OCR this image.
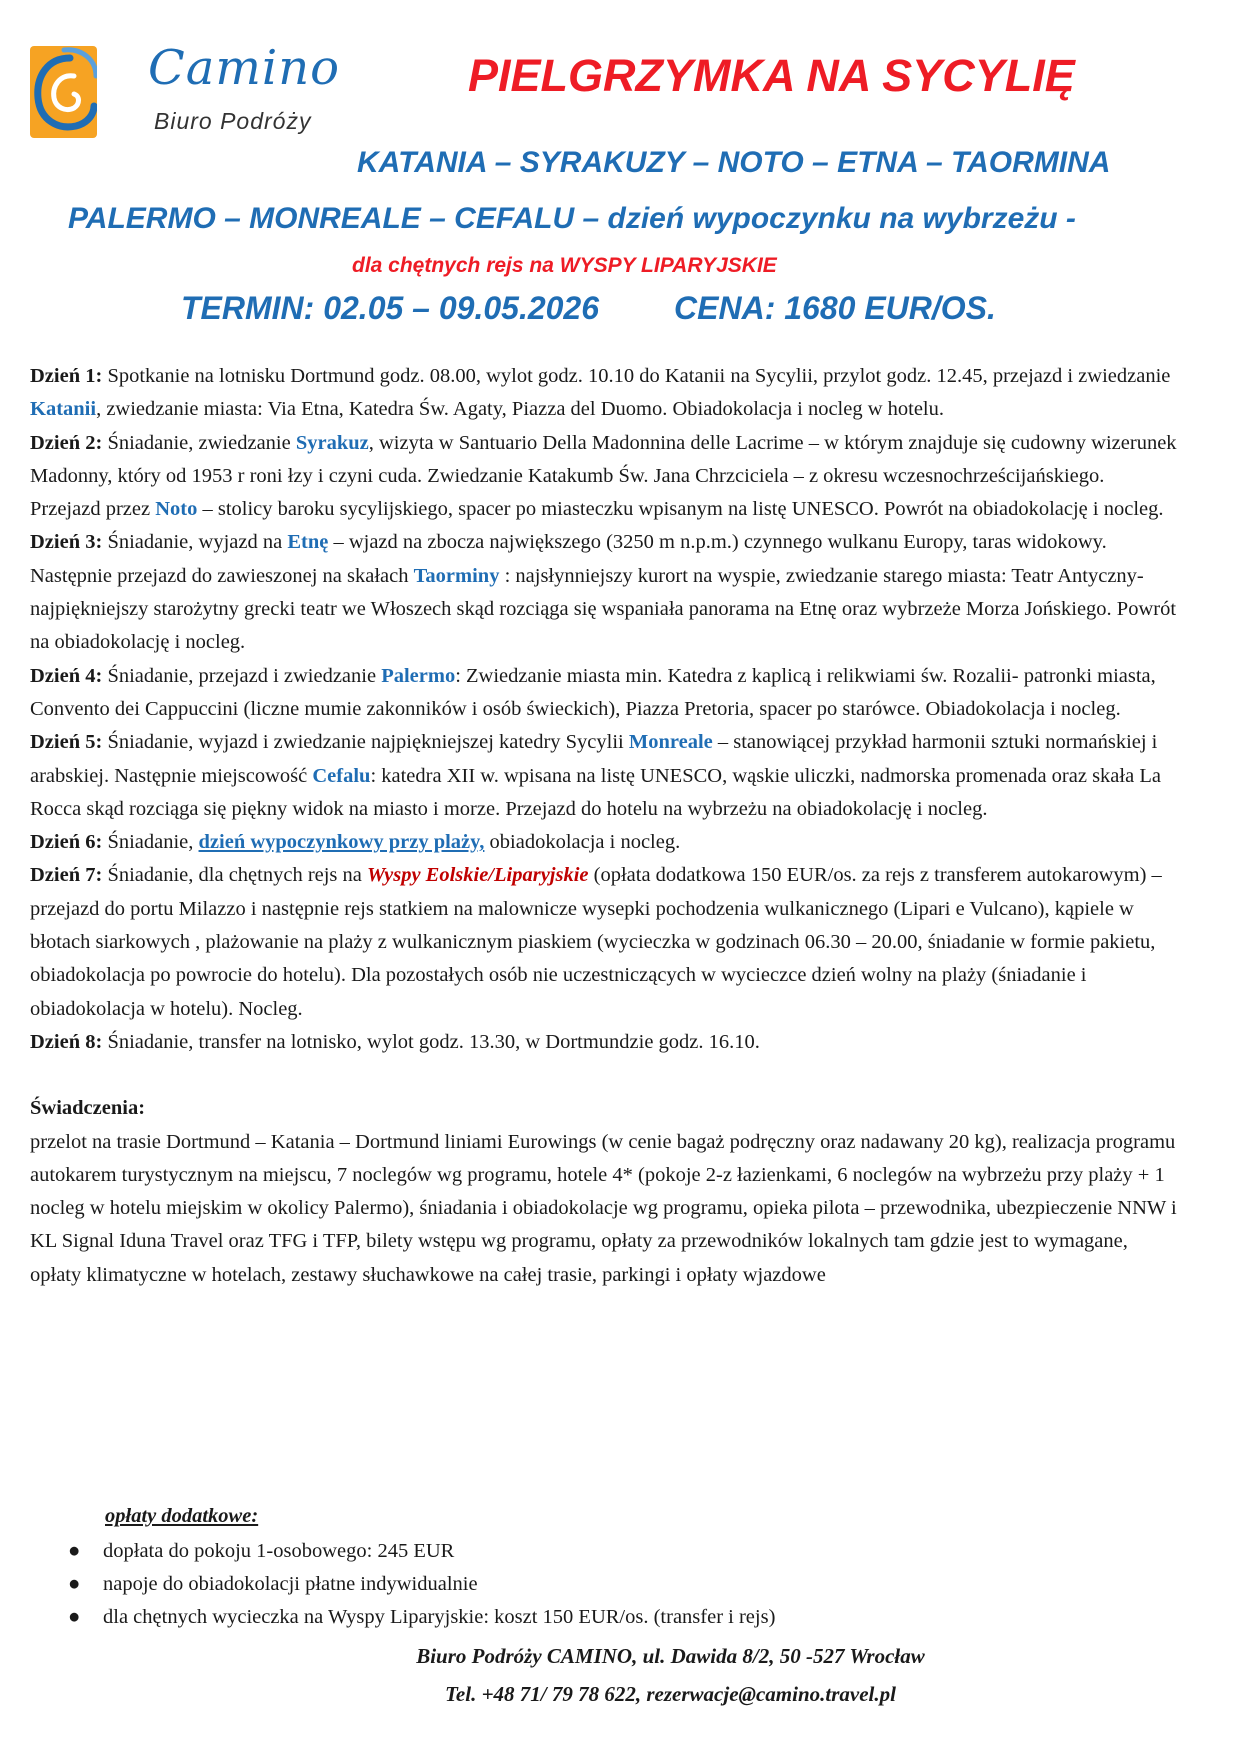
Camino
Biuro Podróży
PIELGRZYMKA NA SYCYLIĘ
KATANIA – SYRAKUZY – NOTO – ETNA – TAORMINA
PALERMO – MONREALE – CEFALU – dzień wypoczynku na wybrzeżu -
dla chętnych rejs na WYSPY LIPARYJSKIE
TERMIN: 02.05 – 09.05.2026 CENA: 1680 EUR/OS.

Dzień 1: Spotkanie na lotnisku Dortmund godz. 08.00, wylot godz. 10.10 do Katanii na Sycylii, przylot godz. 12.45, przejazd i zwiedzanie Katanii, zwiedzanie miasta: Via Etna, Katedra Św. Agaty, Piazza del Duomo. Obiadokolacja i nocleg w hotelu.

Dzień 2: Śniadanie, zwiedzanie Syrakuz, wizyta w Santuario Della Madonnina delle Lacrime – w którym znajduje się cudowny wizerunek Madonny, który od 1953 r roni łzy i czyni cuda. Zwiedzanie Katakumb Św. Jana Chrzciciela – z okresu wczesnochrześcijańskiego. Przejazd przez Noto – stolicy baroku sycylijskiego, spacer po miasteczku wpisanym na listę UNESCO. Powrót na obiadokolację i nocleg.

Dzień 3: Śniadanie, wyjazd na Etnę – wjazd na zbocza największego (3250 m n.p.m.) czynnego wulkanu Europy, taras widokowy. Następnie przejazd do zawieszonej na skałach Taorminy : najsłynniejszy kurort na wyspie, zwiedzanie starego miasta: Teatr Antyczny- najpiękniejszy starożytny grecki teatr we Włoszech skąd rozciąga się wspaniała panorama na Etnę oraz wybrzeże Morza Jońskiego. Powrót na obiadokolację i nocleg.

Dzień 4: Śniadanie, przejazd i zwiedzanie Palermo: Zwiedzanie miasta min. Katedra z kaplicą i relikwiami św. Rozalii- patronki miasta, Convento dei Cappuccini (liczne mumie zakonników i osób świeckich), Piazza Pretoria, spacer po starówce. Obiadokolacja i nocleg.

Dzień 5: Śniadanie, wyjazd i zwiedzanie najpiękniejszej katedry Sycylii Monreale – stanowiącej przykład harmonii sztuki normańskiej i arabskiej. Następnie miejscowość Cefalu: katedra XII w. wpisana na listę UNESCO, wąskie uliczki, nadmorska promenada oraz skała La Rocca skąd rozciąga się piękny widok na miasto i morze. Przejazd do hotelu na wybrzeżu na obiadokolację i nocleg.

Dzień 6: Śniadanie, dzień wypoczynkowy przy plaży, obiadokolacja i nocleg.

Dzień 7: Śniadanie, dla chętnych rejs na Wyspy Eolskie/Liparyjskie (opłata dodatkowa 150 EUR/os. za rejs z transferem autokarowym) – przejazd do portu Milazzo i następnie rejs statkiem na malownicze wysepki pochodzenia wulkanicznego (Lipari e Vulcano), kąpiele w błotach siarkowych , plażowanie na plaży z wulkanicznym piaskiem (wycieczka w godzinach 06.30 – 20.00, śniadanie w formie pakietu, obiadokolacja po powrocie do hotelu). Dla pozostałych osób nie uczestniczących w wycieczce dzień wolny na plaży (śniadanie i obiadokolacja w hotelu). Nocleg.

Dzień 8: Śniadanie, transfer na lotnisko, wylot godz. 13.30, w Dortmundzie godz. 16.10.

Świadczenia:

przelot na trasie Dortmund – Katania – Dortmund liniami Eurowings (w cenie bagaż podręczny oraz nadawany 20 kg), realizacja programu autokarem turystycznym na miejscu, 7 noclegów wg programu, hotele 4* (pokoje 2-z łazienkami, 6 noclegów na wybrzeżu przy plaży + 1 nocleg w hotelu miejskim w okolicy Palermo), śniadania i obiadokolacje wg programu, opieka pilota – przewodnika, ubezpieczenie NNW i KL Signal Iduna Travel oraz TFG i TFP, bilety wstępu wg programu, opłaty za przewodników lokalnych tam gdzie jest to wymagane, opłaty klimatyczne w hotelach, zestawy słuchawkowe na całej trasie, parkingi i opłaty wjazdowe

opłaty dodatkowe:
● dopłata do pokoju 1-osobowego: 245 EUR
● napoje do obiadokolacji płatne indywidualnie
● dla chętnych wycieczka na Wyspy Liparyjskie: koszt 150 EUR/os. (transfer i rejs)
Biuro Podróży CAMINO, ul. Dawida 8/2, 50 -527 Wrocław
Tel. +48 71/ 79 78 622, rezerwacje@camino.travel.pl
